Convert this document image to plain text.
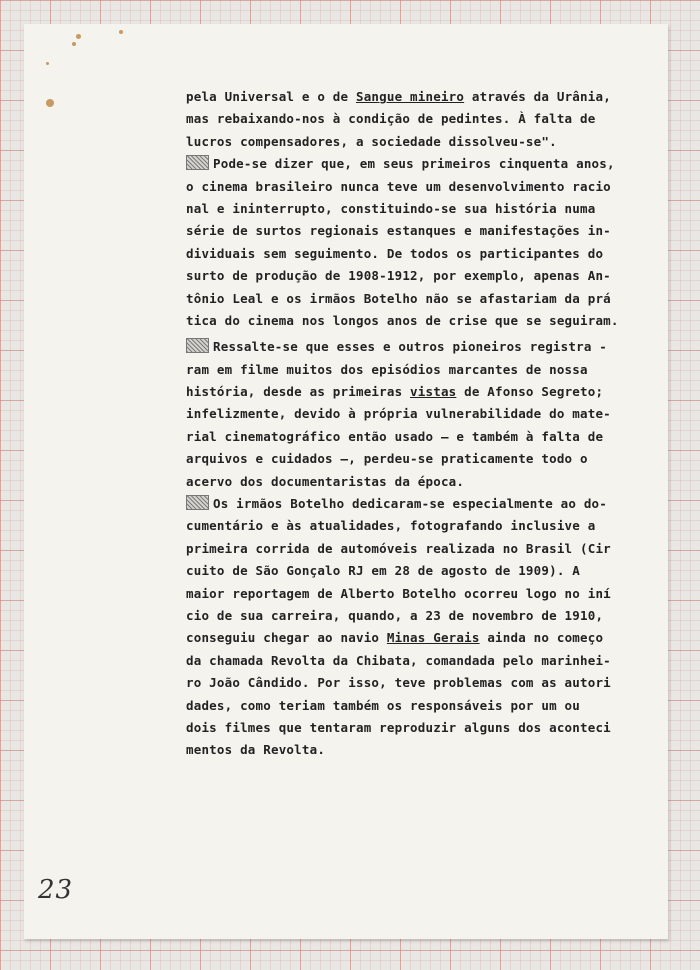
pela Universal e o de Sangue mineiro através da Urânia,
mas rebaixando-nos à condição de pedintes. À falta de
lucros compensadores, a sociedade dissolveu-se".
Pode-se dizer que, em seus primeiros cinquenta anos,
o cinema brasileiro nunca teve um desenvolvimento racio
nal e ininterrupto, constituindo-se sua história numa
série de surtos regionais estanques e manifestações in-
dividuais sem seguimento. De todos os participantes do
surto de produção de 1908-1912, por exemplo, apenas An-
tônio Leal e os irmãos Botelho não se afastariam da prá
tica do cinema nos longos anos de crise que se seguiram.
Ressalte-se que esses e outros pioneiros registra -
ram em filme muitos dos episódios marcantes de nossa
história, desde as primeiras vistas de Afonso Segreto;
infelizmente, devido à própria vulnerabilidade do mate-
rial cinematográfico então usado — e também à falta de
arquivos e cuidados —, perdeu-se praticamente todo o
acervo dos documentaristas da época.
Os irmãos Botelho dedicaram-se especialmente ao do-
cumentário e às atualidades, fotografando inclusive a
primeira corrida de automóveis realizada no Brasil (Cir
cuito de São Gonçalo RJ em 28 de agosto de 1909). A
maior reportagem de Alberto Botelho ocorreu logo no iní
cio de sua carreira, quando, a 23 de novembro de 1910,
conseguiu chegar ao navio Minas Gerais ainda no começo
da chamada Revolta da Chibata, comandada pelo marinhei-
ro João Cândido. Por isso, teve problemas com as autori
dades, como teriam também os responsáveis por um ou
dois filmes que tentaram reproduzir alguns dos aconteci
mentos da Revolta.
23
